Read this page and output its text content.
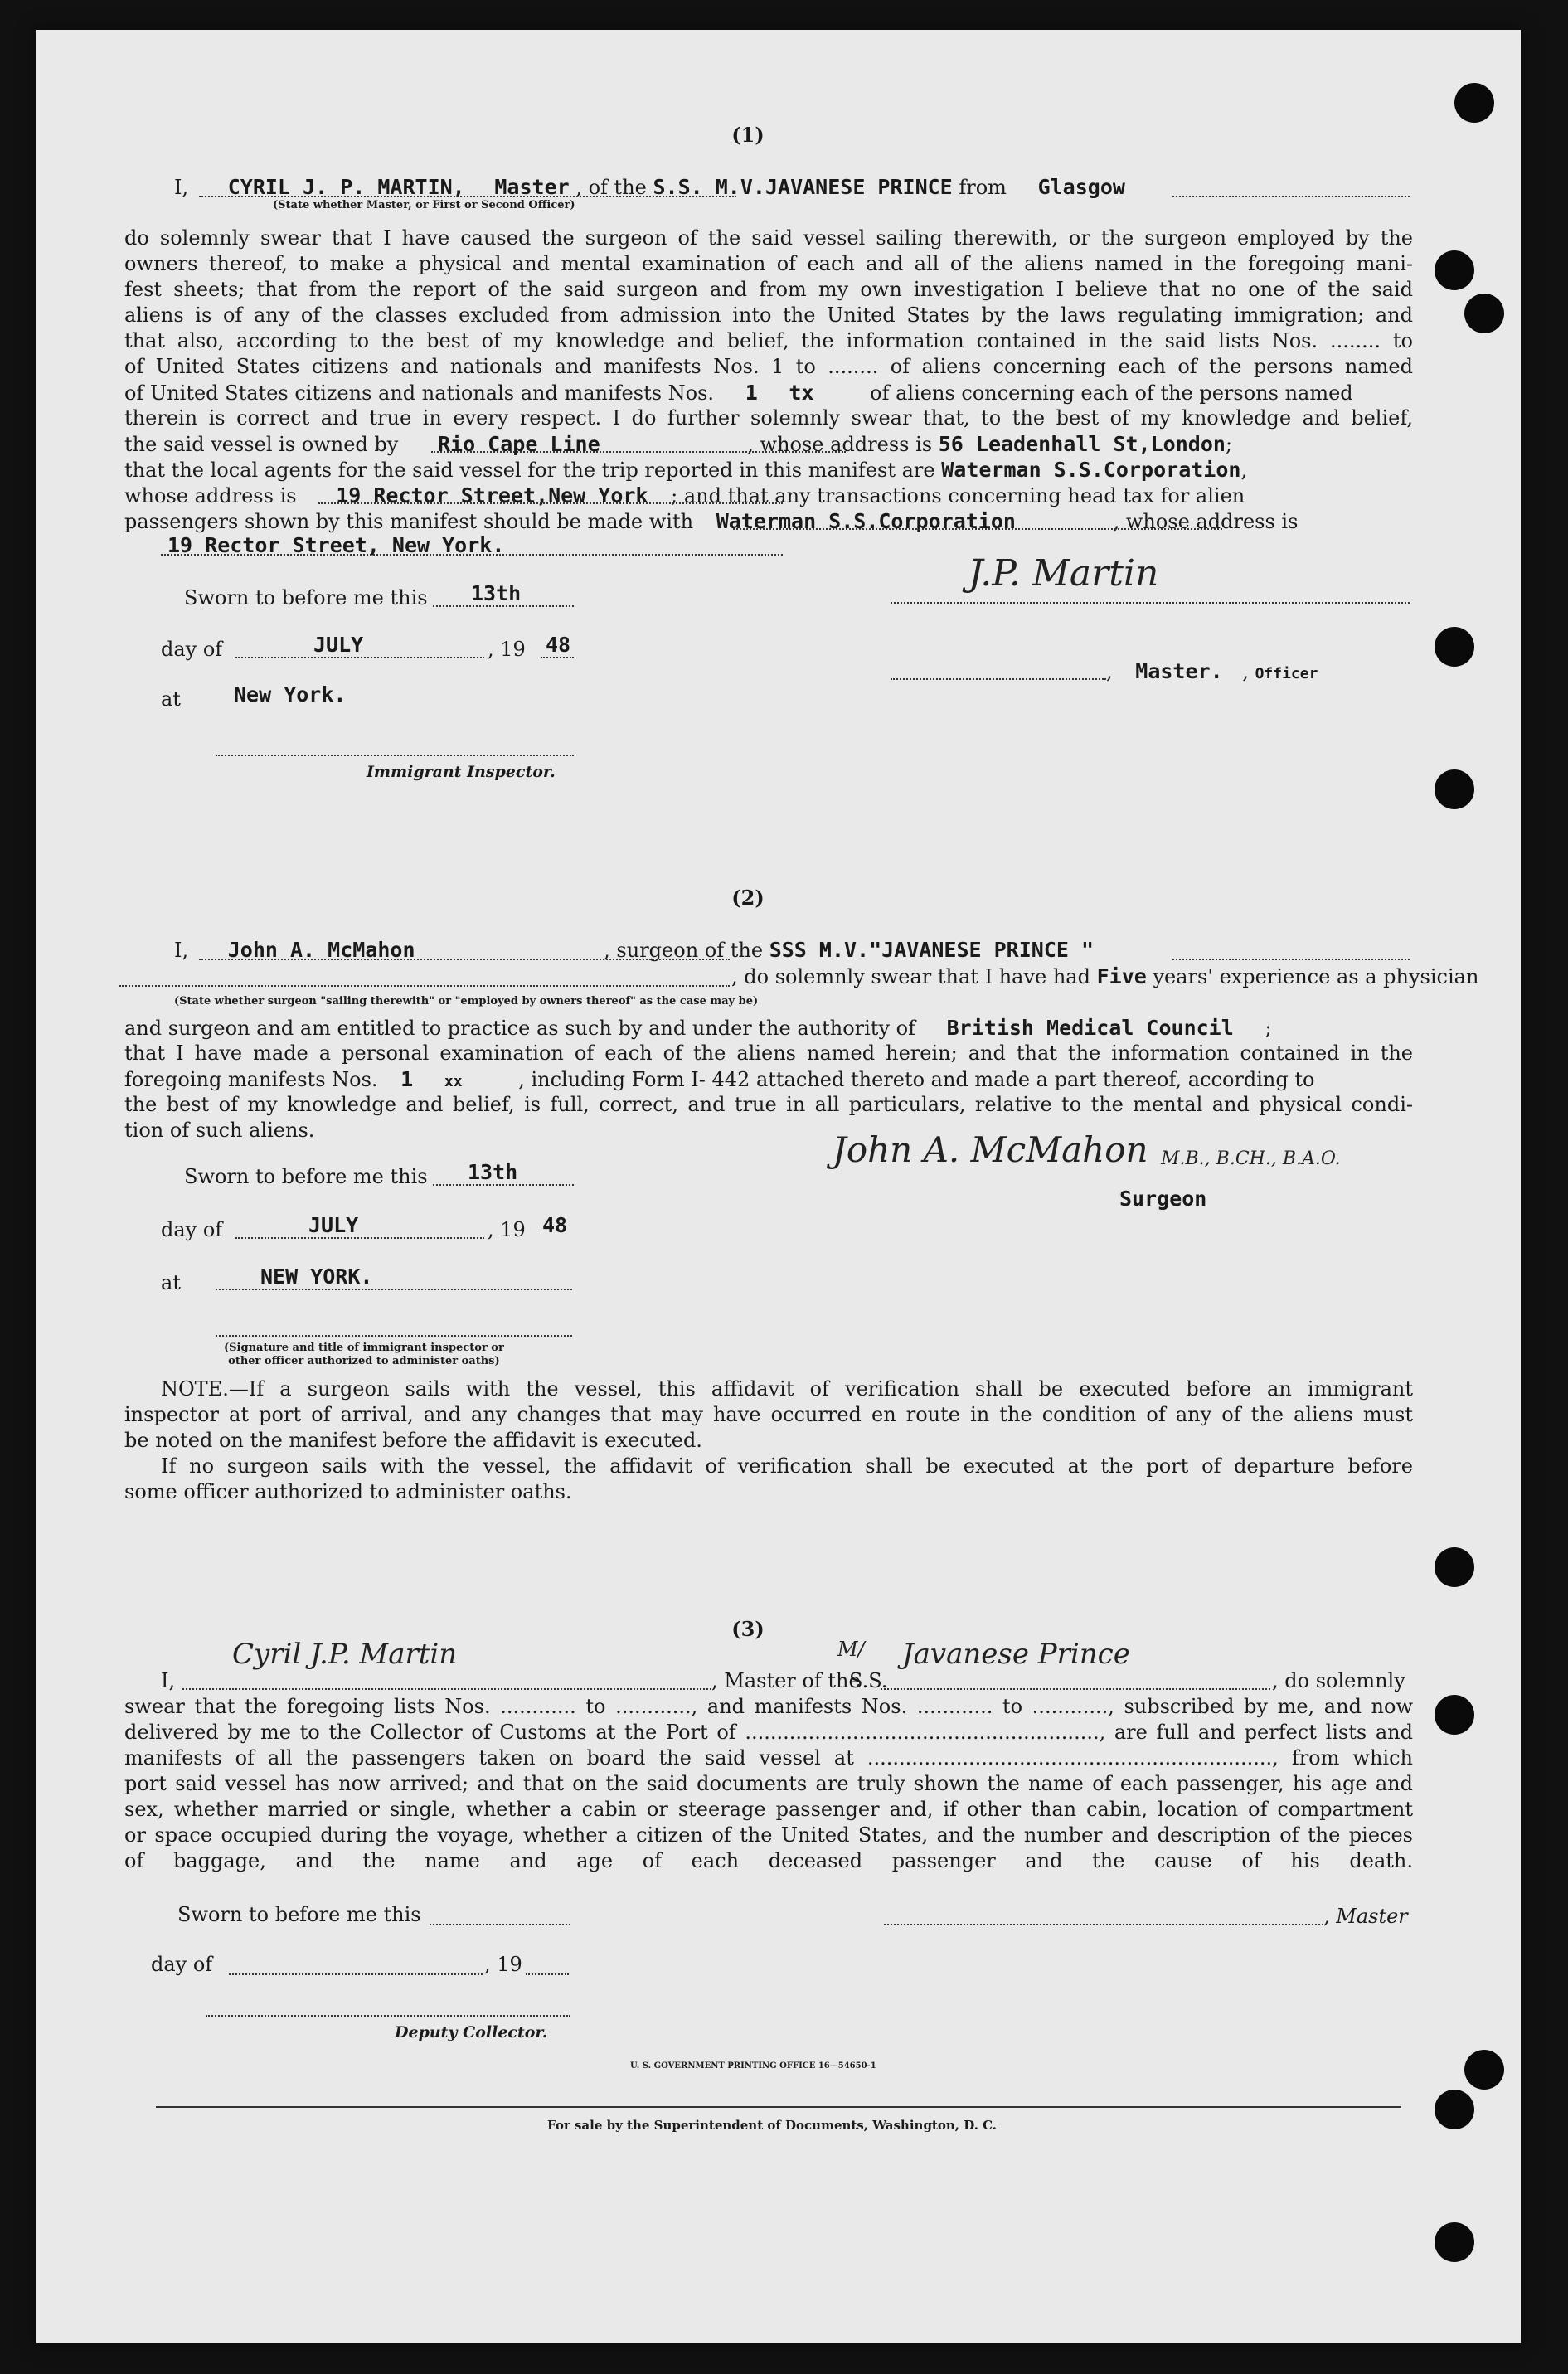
(1)
I, CYRIL J. P. MARTIN, Master , of the S.S. M.V.JAVANESE PRINCE from Glasgow
(State whether Master, or First or Second Officer)
do solemnly swear that I have caused the surgeon of the said vessel sailing therewith, or the surgeon employed by the
owners thereof, to make a physical and mental examination of each and all of the aliens named in the foregoing mani-
fest sheets; that from the report of the said surgeon and from my own investigation I believe that no one of the said
aliens is of any of the classes excluded from admission into the United States by the laws regulating immigration; and
that also, according to the best of my knowledge and belief, the information contained in the said lists Nos. ........ to
of United States citizens and nationals and manifests Nos. 1 to ........ of aliens concerning each of the persons named
of United States citizens and nationals and manifests Nos. 1 tx	of aliens concerning each of the persons named
therein is correct and true in every respect. I do further solemnly swear that, to the best of my knowledge and belief,
the said vessel is owned by Rio Cape Line	, whose address is 56 Leadenhall St,London;
that the local agents for the said vessel for the trip reported in this manifest are Waterman S.S.Corporation,
whose address is 19 Rector Street,New York ; and that any transactions concerning head tax for alien
passengers shown by this manifest should be made with Waterman S.S.Corporation	, whose address is
19 Rector Street, New York.
Sworn to before me this 13th
day of	JULY	, 19 48
at	New York.
Immigrant Inspector.
J.P. Martin
, Master. , Officer
(2)
I, John A. McMahon	, surgeon of the SSS M.V."JAVANESE PRINCE "
$_{(State whether surgeon "sailing therewith" or "employed by owners thereof" as the case may be)}$
, do solemnly swear that I have had Five years' experience as a physician
and surgeon and am entitled to practice as such by and under the authority of British Medical Council ;
that I have made a personal examination of each of the aliens named herein; and that the information contained in the
foregoing manifests Nos. 1 xx	, including Form I- 442 attached thereto and made a part thereof, according to
the best of my knowledge and belief, is full, correct, and true in all particulars, relative to the mental and physical condi-
tion of such aliens.
Sworn to before me this 13th
day of	JULY	, 19 48
at	NEW YORK.
(Signature and title of immigrant inspector or
other officer authorized to administer oaths)
John A. McMahon M.B., B.CH., B.A.O.
Surgeon
NOTE.—If a surgeon sails with the vessel, this affidavit of verification shall be executed before an immigrant
inspector at port of arrival, and any changes that may have occurred en route in the condition of any of the aliens must
be noted on the manifest before the affidavit is executed.
If no surgeon sails with the vessel, the affidavit of verification shall be executed at the port of departure before
some officer authorized to administer oaths.
(3)
I,
Cyril J.P. Martin
, Master of the
M/
S.S.
Javanese Prince
, do solemnly
swear that the foregoing lists Nos. ............ to ............, and manifests Nos. ............ to ............, subscribed by me, and now
delivered by me to the Collector of Customs at the Port of ........................................................, are full and perfect lists and
manifests of all the passengers taken on board the said vessel at ................................................................, from which
port said vessel has now arrived; and that on the said documents are truly shown the name of each passenger, his age and
sex, whether married or single, whether a cabin or steerage passenger and, if other than cabin, location of compartment
or space occupied during the voyage, whether a citizen of the United States, and the number and description of the pieces
of baggage, and the name and age of each deceased passenger and the cause of his death.
Sworn to before me this	, Master
day of	, 19
Deputy Collector.
U. S. GOVERNMENT PRINTING OFFICE 16—54650-1
For sale by the Superintendent of Documents, Washington, D. C.
